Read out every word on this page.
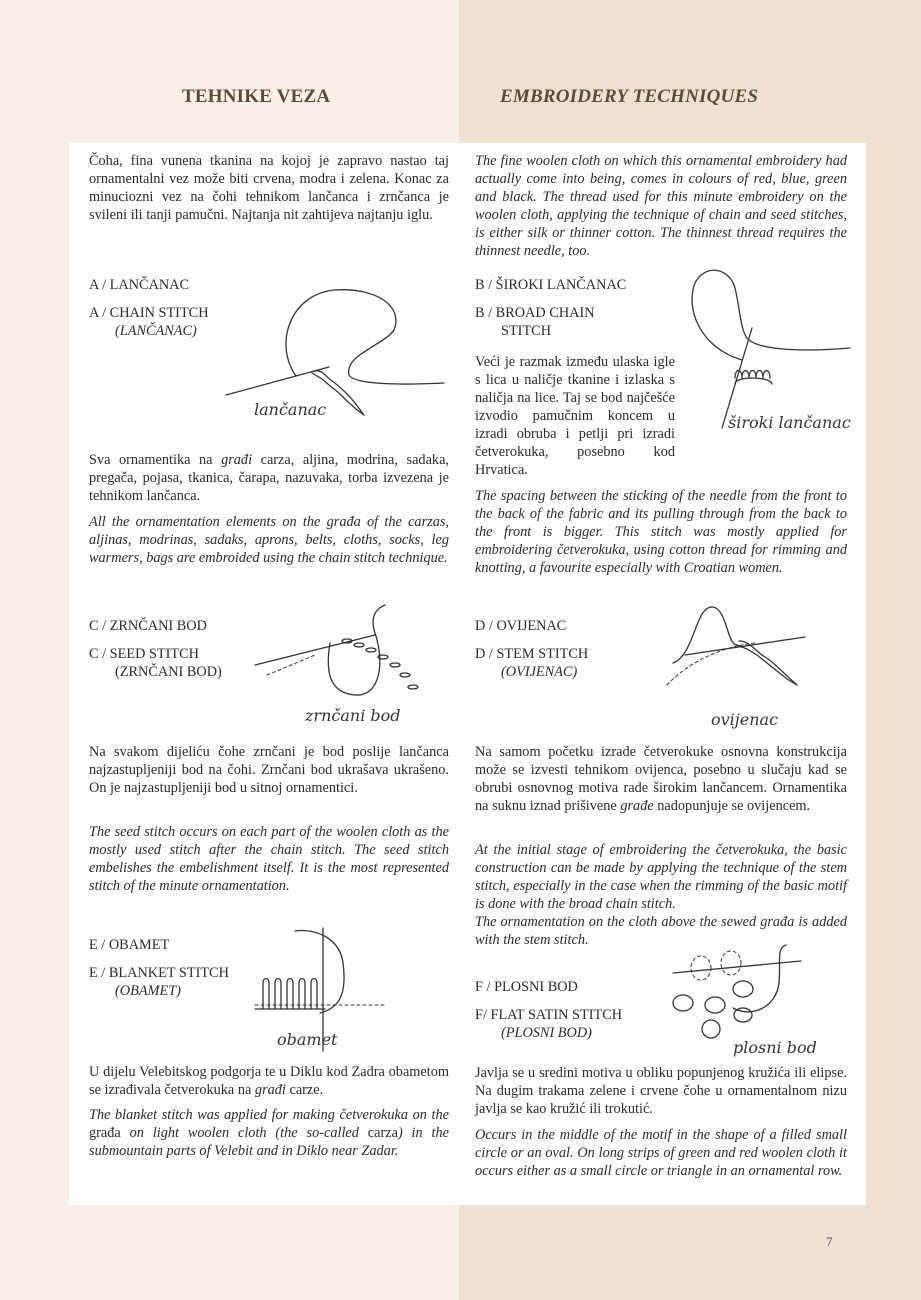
TEHNIKE VEZA	EMBROIDERY TECHNIQUES

Čoha, fina vunena tkanina na kojoj je zapravo nastao taj ornamentalni vez može biti crvena, modra i zelena. Konac za minuciozni vez na čohi tehnikom lančanca i zrnčanca je svileni ili tanji pamučni. Najtanja nit zahtijeva najtanju iglu.

A / LANČANAC
A / CHAIN STITCH
(LANČANAC)
lančanac

Sva ornamentika na građi carza, aljina, modrina, sadaka, pregača, pojasa, tkanica, čarapa, nazuvaka, torba izvezena je tehnikom lančanca.

All the ornamentation elements on the građa of the carzas, aljinas, modrinas, sadaks, aprons, belts, cloths, socks, leg warmers, bags are embroided using the chain stitch technique.

C / ZRNČANI BOD
C / SEED STITCH
(ZRNČANI BOD)
zrnčani bod

Na svakom dijeliću čohe zrnčani je bod poslije lančanca najzastupljeniji bod na čohi. Zrnčani bod ukrašava ukrašeno. On je najzastupljeniji bod u sitnoj ornamentici.

The seed stitch occurs on each part of the woolen cloth as the mostly used stitch after the chain stitch. The seed stitch embelishes the embelishment itself. It is the most represented stitch of the minute ornamentation.

E / OBAMET
E / BLANKET STITCH
(OBAMET)
obamet

U dijelu Velebitskog podgorja te u Diklu kod Zadra obametom se izrađivala četverokuka na građi carze.

The blanket stitch was applied for making četverokuka on the građa on light woolen cloth (the so-called carza) in the submountain parts of Velebit and in Diklo near Zadar.

The fine woolen cloth on which this ornamental embroidery had actually come into being, comes in colours of red, blue, green and black. The thread used for this minute embroidery on the woolen cloth, applying the technique of chain and seed stitches, is either silk or thinner cotton. The thinnest thread requires the thinnest needle, too.

B / ŠIROKI LANČANAC
B / BROAD CHAIN
STITCH
široki lančanac

Veći je razmak između ulaska igle s lica u naličje tkanine i izlaska s naličja na lice. Taj se bod najčešće izvodio pamučnim koncem u izradi obruba i petlji pri izradi četverokuka, posebno kod Hrvatica.

The spacing between the sticking of the needle from the front to the back of the fabric and its pulling through from the back to the front is bigger. This stitch was mostly applied for embroidering četverokuka, using cotton thread for rimming and knotting, a favourite especially with Croatian women.

D / OVIJENAC
D / STEM STITCH
(OVIJENAC)
ovijenac

Na samom početku izrade četverokuke osnovna konstrukcija može se izvesti tehnikom ovijenca, posebno u slučaju kad se obrubi osnovnog motiva rade širokim lančancem. Ornamentika na suknu iznad prišivene građe nadopunjuje se ovijencem.

At the initial stage of embroidering the četverokuka, the basic construction can be made by applying the technique of the stem stitch, especially in the case when the rimming of the basic motif is done with the broad chain stitch.
The ornamentation on the cloth above the sewed građa is added with the stem stitch.

F / PLOSNI BOD
F/ FLAT SATIN STITCH
(PLOSNI BOD)
plosni bod

Javlja se u sredini motiva u obliku popunjenog kružića ili elipse. Na dugim trakama zelene i crvene čohe u ornamentalnom nizu javlja se kao kružić ili trokutić.

Occurs in the middle of the motif in the shape of a filled small circle or an oval. On long strips of green and red woolen cloth it occurs either as a small circle or triangle in an ornamental row.

7
